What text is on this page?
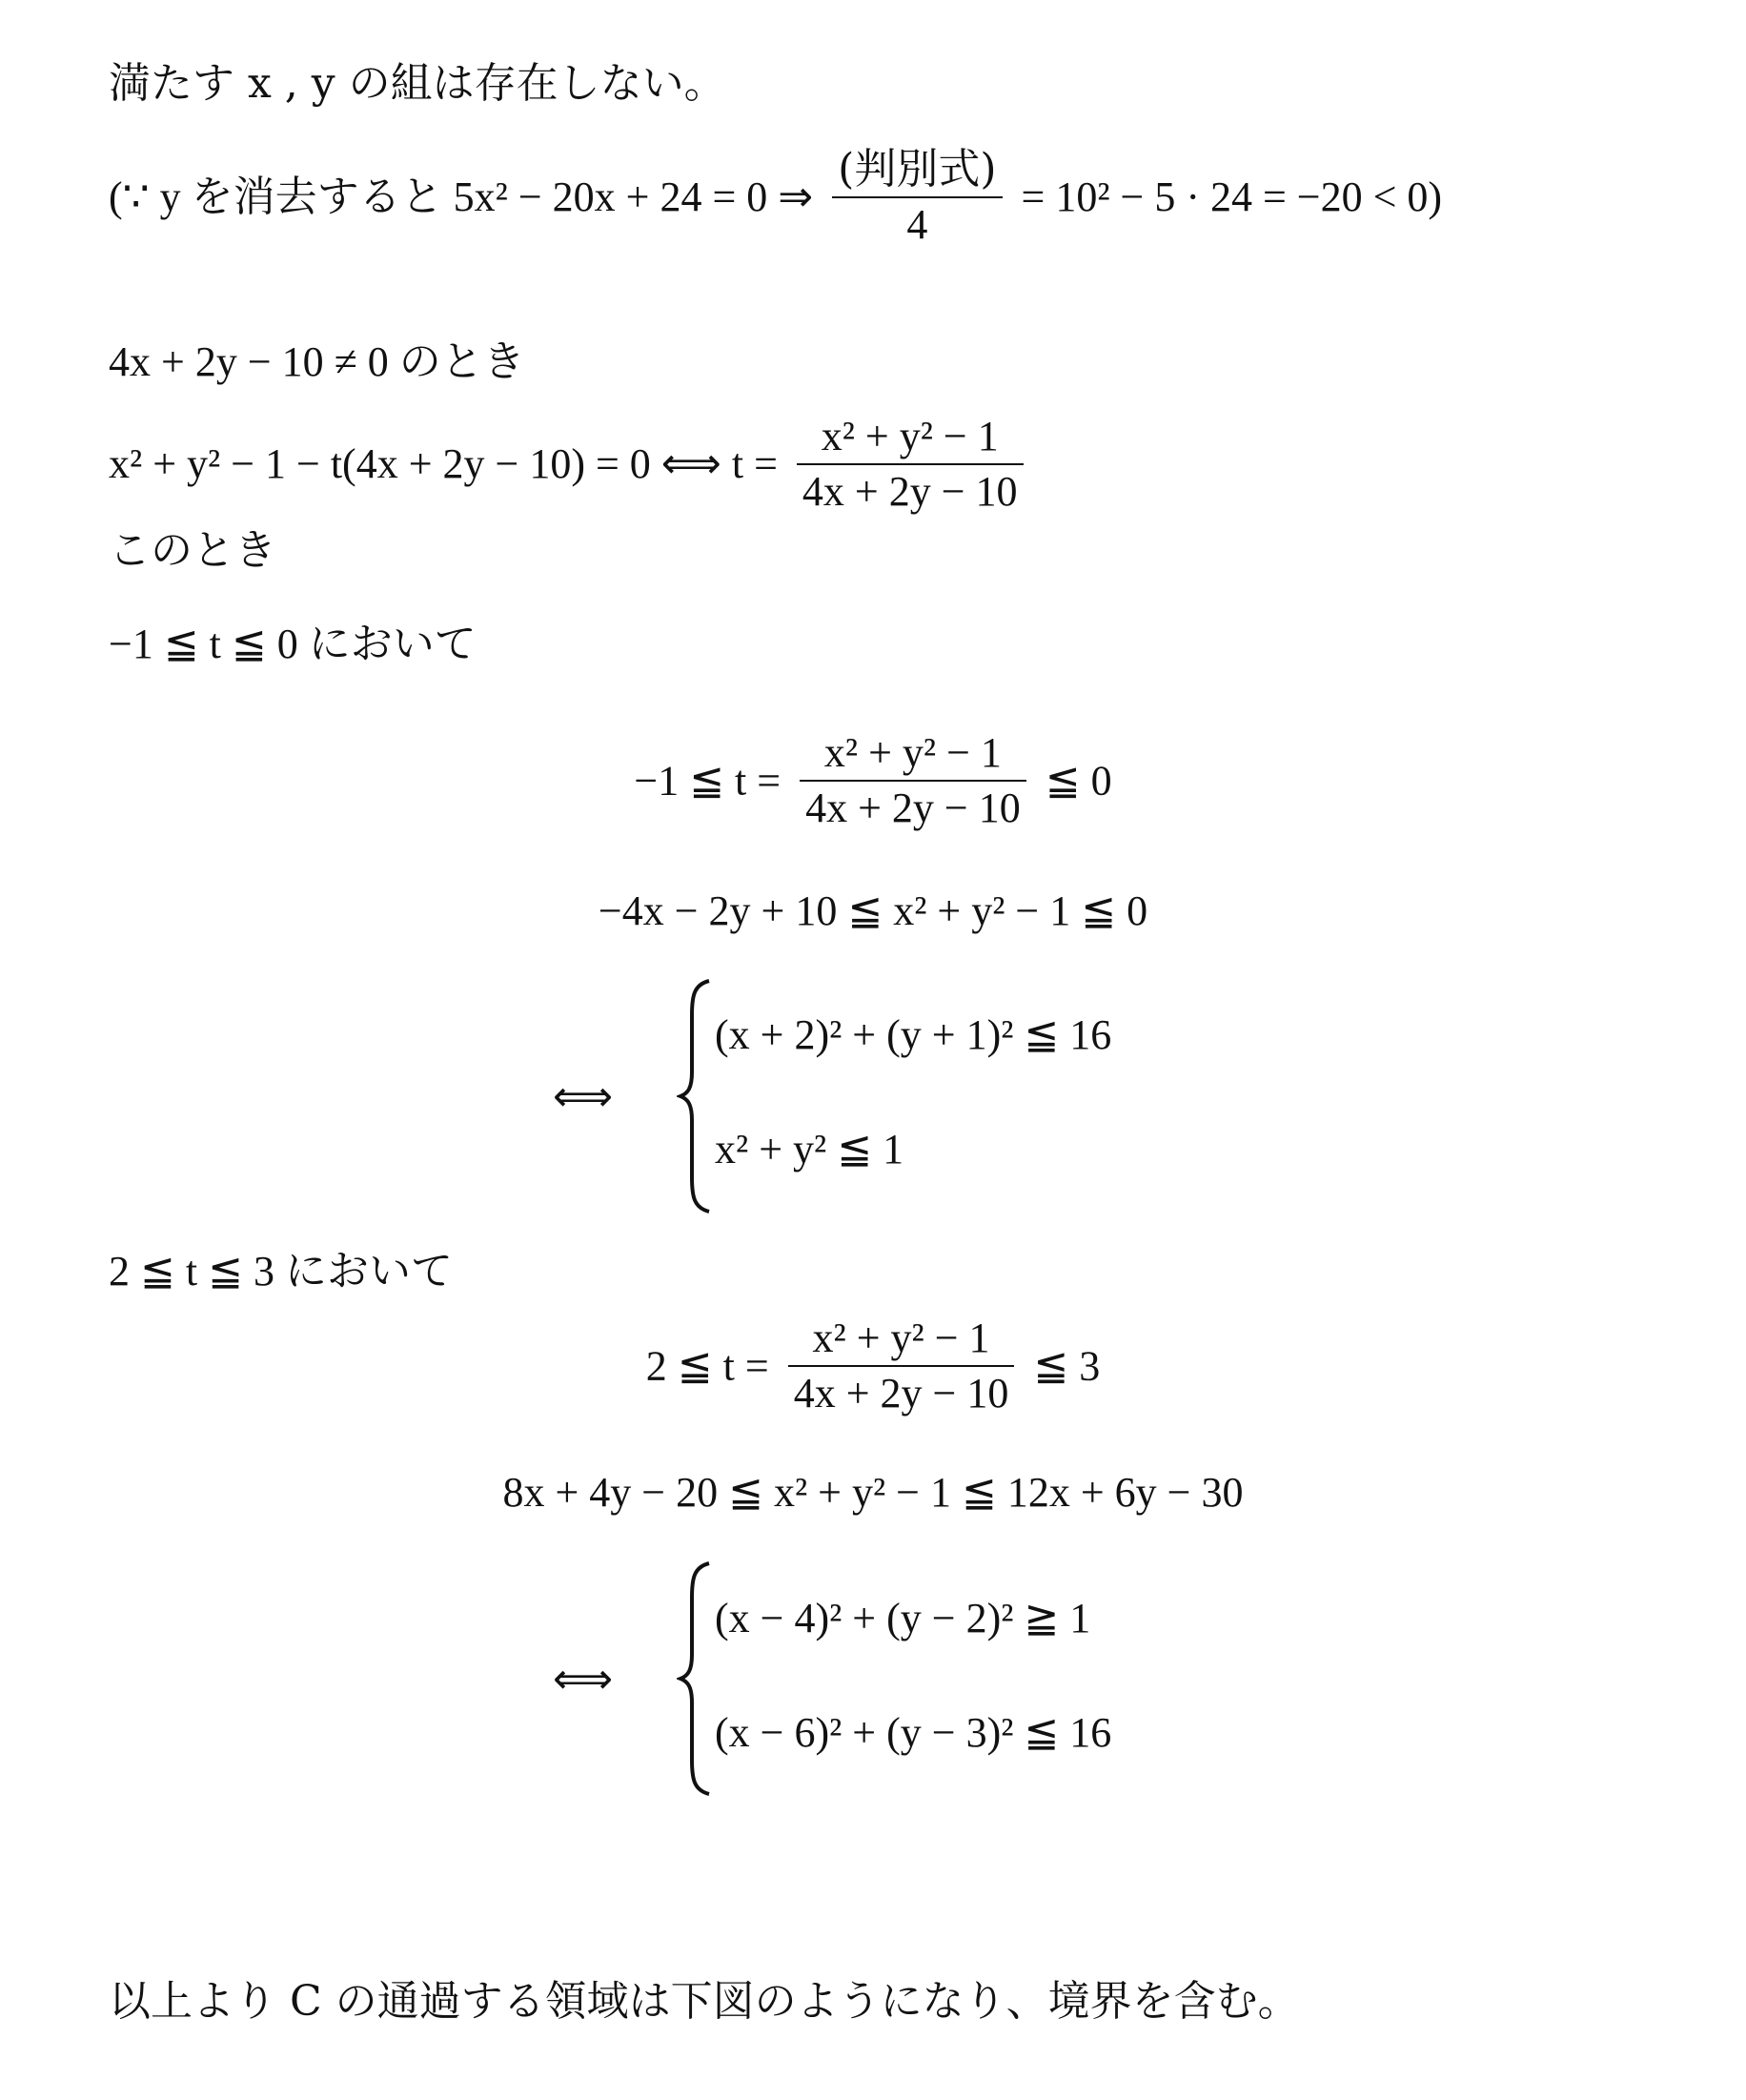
満たす x , y の組は存在しない。
(∵ y を消去すると 5x² − 20x + 24 = 0 ⇒ $\frac{\text{(判別式)}}{4} = 10^2 - 5 \cdot 24 = -20 < 0$)
4x + 2y − 10 ≠ 0 のとき
x² + y² − 1 − t(4x + 2y − 10) = 0 ⟺ $t = \frac{\text{x² + y² − 1}}{4x + 2y - 10}$
このとき
−1 ≦ t ≦ 0 において
−1 ≦ $t = \frac{\text{x² + y² − 1}}{4x + 2y - 10}$ ≦ 0
−4x − 2y + 10 ≦ x² + y² − 1 ≦ 0
⟺
(x + 2)² + (y + 1)² ≦ 16
x² + y² ≦ 1
2 ≦ t ≦ 3 において
2 ≦ $t = \frac{\text{x² + y² − 1}}{4x + 2y - 10}$ ≦ 3
8x + 4y − 20 ≦ x² + y² − 1 ≦ 12x + 6y − 30
⟺
(x − 4)² + (y − 2)² ≧ 1
(x − 6)² + (y − 3)² ≦ 16
以上より C の通過する領域は下図のようになり、境界を含む。
